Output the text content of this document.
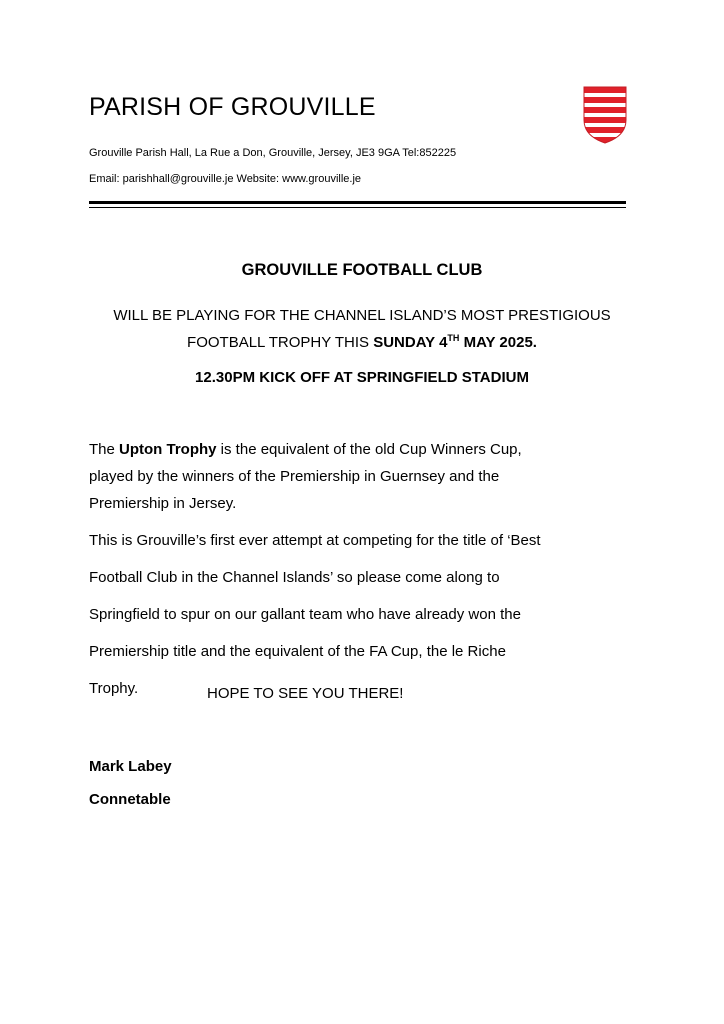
PARISH OF GROUVILLE

Grouville Parish Hall, La Rue a Don, Grouville, Jersey, JE3 9GA Tel:852225

Email: parishhall@grouville.je Website: www.grouville.je

GROUVILLE FOOTBALL CLUB

WILL BE PLAYING FOR THE CHANNEL ISLAND’S MOST PRESTIGIOUS
FOOTBALL TROPHY THIS SUNDAY 4TH MAY 2025.

12.30PM KICK OFF AT SPRINGFIELD STADIUM

The Upton Trophy is the equivalent of the old Cup Winners Cup,
played by the winners of the Premiership in Guernsey and the
Premiership in Jersey.

This is Grouville’s first ever attempt at competing for the title of ‘Best
Football Club in the Channel Islands’ so please come along to
Springfield to spur on our gallant team who have already won the
Premiership title and the equivalent of the FA Cup, the le Riche
Trophy.	HOPE TO SEE YOU THERE!

Mark Labey

Connetable
